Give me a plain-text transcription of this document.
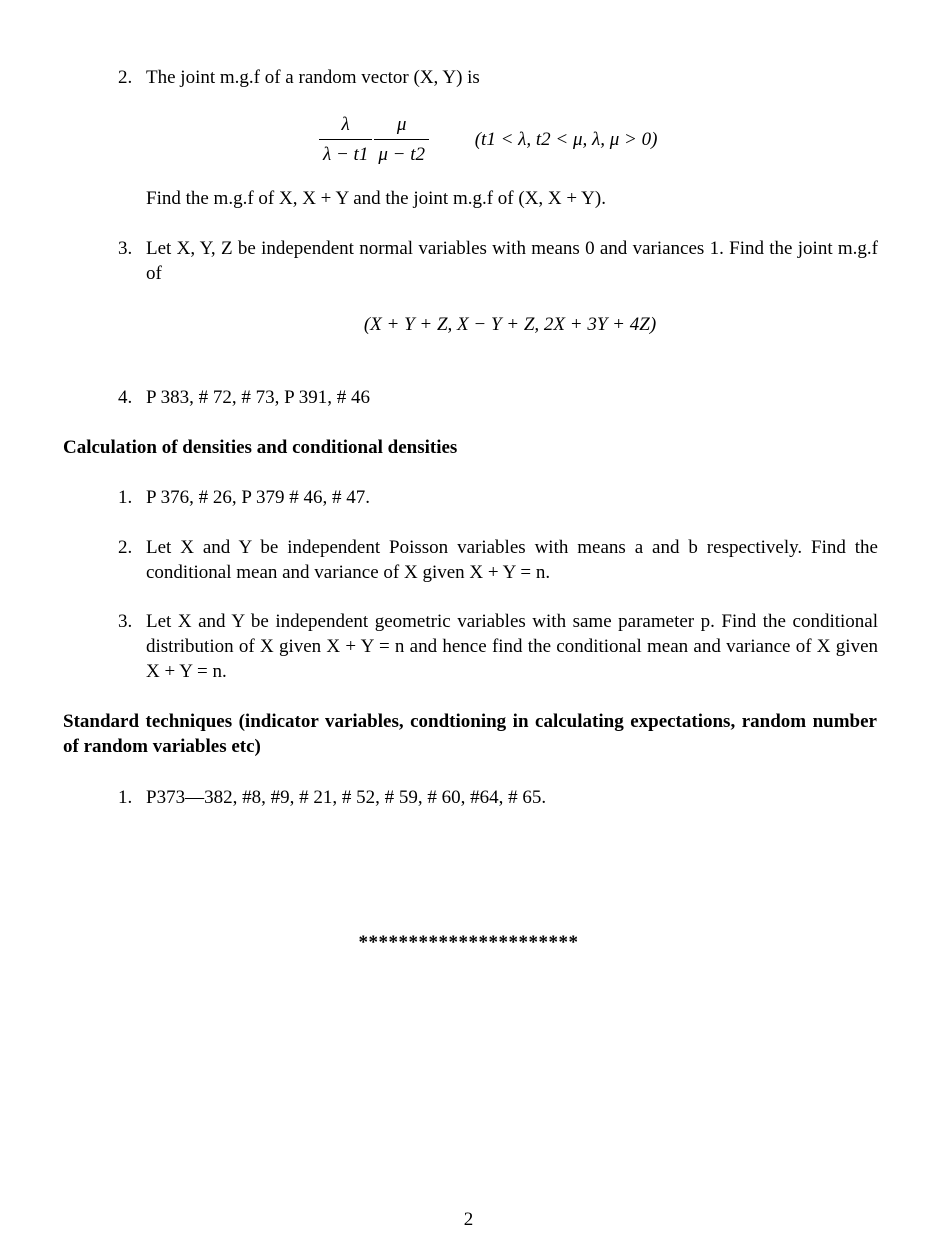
2. The joint m.g.f of a random vector (X, Y) is
$\frac{\lambda}{\lambda - t1} \frac{\mu}{\mu - t2} (t1 < \lambda$, t2 < μ, λ, μ > 0)
Find the m.g.f of X, X + Y and the joint m.g.f of (X, X + Y).
3. Let X, Y, Z be independent normal variables with means 0 and variances 1. Find the joint m.g.f of
(X + Y + Z, X − Y + Z, 2X + 3Y + 4Z)
4. P 383, # 72, # 73, P 391, # 46
Calculation of densities and conditional densities
1. P 376, # 26, P 379 # 46, # 47.
2. Let X and Y be independent Poisson variables with means a and b respectively. Find the conditional mean and variance of X given X + Y = n.
3. Let X and Y be independent geometric variables with same parameter p. Find the conditional distribution of X given X + Y = n and hence find the conditional mean and variance of X given X + Y = n.
Standard techniques (indicator variables, condtioning in calculating expectations, random number of random variables etc)
1. P373—382, #8, #9, # 21, # 52, # 59, # 60, #64, # 65.
**********************
2
